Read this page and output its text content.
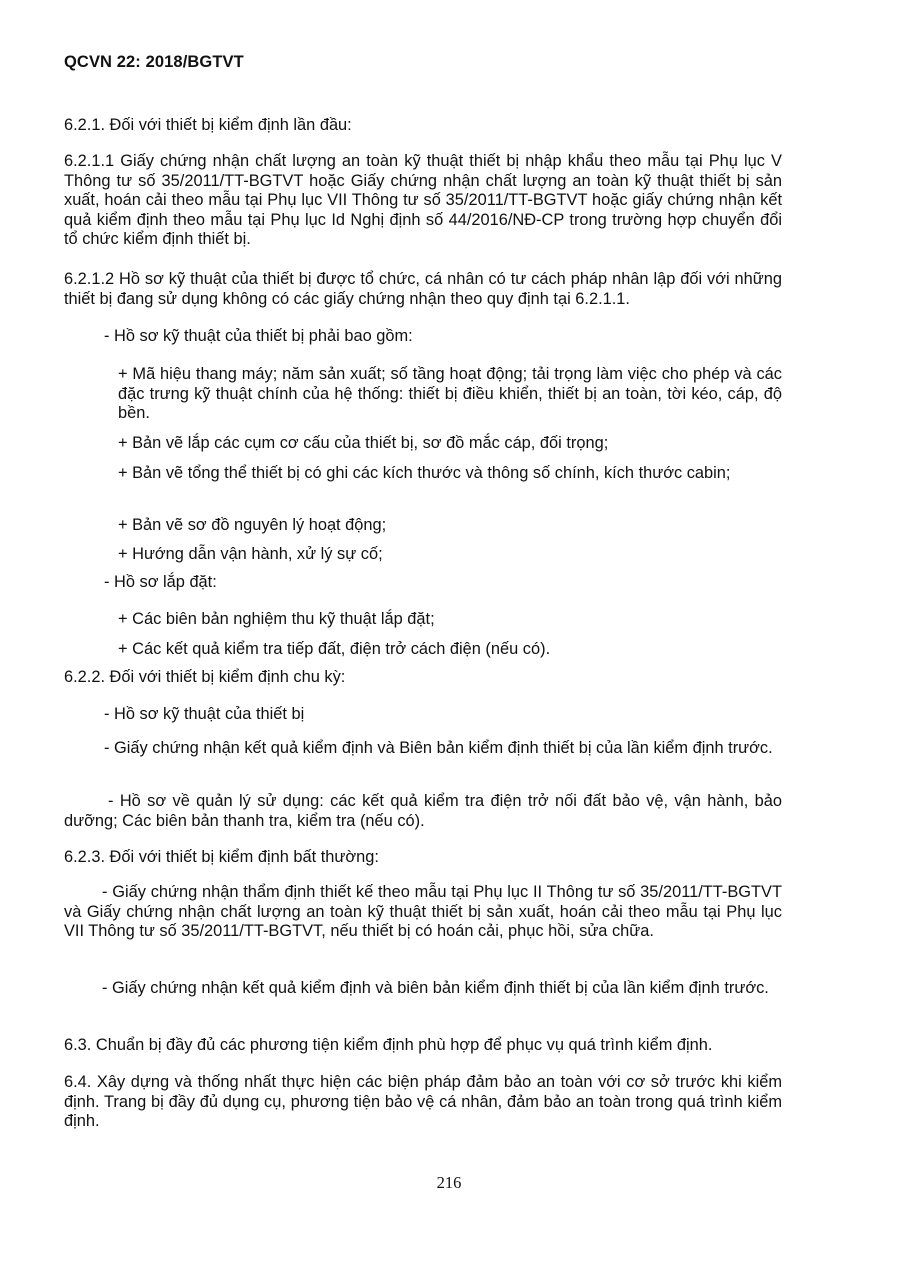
QCVN 22: 2018/BGTVT

6.2.1. Đối với thiết bị kiểm định lần đầu:

6.2.1.1 Giấy chứng nhận chất lượng an toàn kỹ thuật thiết bị nhập khẩu theo mẫu tại Phụ lục V Thông tư số 35/2011/TT-BGTVT hoặc Giấy chứng nhận chất lượng an toàn kỹ thuật thiết bị sản xuất, hoán cải theo mẫu tại Phụ lục VII Thông tư số 35/2011/TT-BGTVT hoặc giấy chứng nhận kết quả kiểm định theo mẫu tại Phụ lục Id Nghị định số 44/2016/NĐ-CP trong trường hợp chuyển đổi tổ chức kiểm định thiết bị.

6.2.1.2 Hồ sơ kỹ thuật của thiết bị được tổ chức, cá nhân có tư cách pháp nhân lập đối với những thiết bị đang sử dụng không có các giấy chứng nhận theo quy định tại 6.2.1.1.

- Hồ sơ kỹ thuật của thiết bị phải bao gồm:

+ Mã hiệu thang máy; năm sản xuất; số tầng hoạt động; tải trọng làm việc cho phép và các đặc trưng kỹ thuật chính của hệ thống: thiết bị điều khiển, thiết bị an toàn, tời kéo, cáp, độ bền.

+ Bản vẽ lắp các cụm cơ cấu của thiết bị, sơ đồ mắc cáp, đối trọng;

+ Bản vẽ tổng thể thiết bị có ghi các kích thước và thông số chính, kích thước cabin;

+ Bản vẽ sơ đồ nguyên lý hoạt động;

+ Hướng dẫn vận hành, xử lý sự cố;

- Hồ sơ lắp đặt:

+ Các biên bản nghiệm thu kỹ thuật lắp đặt;

+ Các kết quả kiểm tra tiếp đất, điện trở cách điện (nếu có).

6.2.2. Đối với thiết bị kiểm định chu kỳ:

- Hồ sơ kỹ thuật của thiết bị

- Giấy chứng nhận kết quả kiểm định và Biên bản kiểm định thiết bị của lần kiểm định trước.

- Hồ sơ về quản lý sử dụng: các kết quả kiểm tra điện trở nối đất bảo vệ, vận hành, bảo dưỡng; Các biên bản thanh tra, kiểm tra (nếu có).

6.2.3. Đối với thiết bị kiểm định bất thường:

- Giấy chứng nhận thẩm định thiết kế theo mẫu tại Phụ lục II Thông tư số 35/2011/TT-BGTVT và Giấy chứng nhận chất lượng an toàn kỹ thuật thiết bị sản xuất, hoán cải theo mẫu tại Phụ lục VII Thông tư số 35/2011/TT-BGTVT, nếu thiết bị có hoán cải, phục hồi, sửa chữa.

- Giấy chứng nhận kết quả kiểm định và biên bản kiểm định thiết bị của lần kiểm định trước.

6.3. Chuẩn bị đầy đủ các phương tiện kiểm định phù hợp để phục vụ quá trình kiểm định.

6.4. Xây dựng và thống nhất thực hiện các biện pháp đảm bảo an toàn với cơ sở trước khi kiểm định. Trang bị đầy đủ dụng cụ, phương tiện bảo vệ cá nhân, đảm bảo an toàn trong quá trình kiểm định.

216
